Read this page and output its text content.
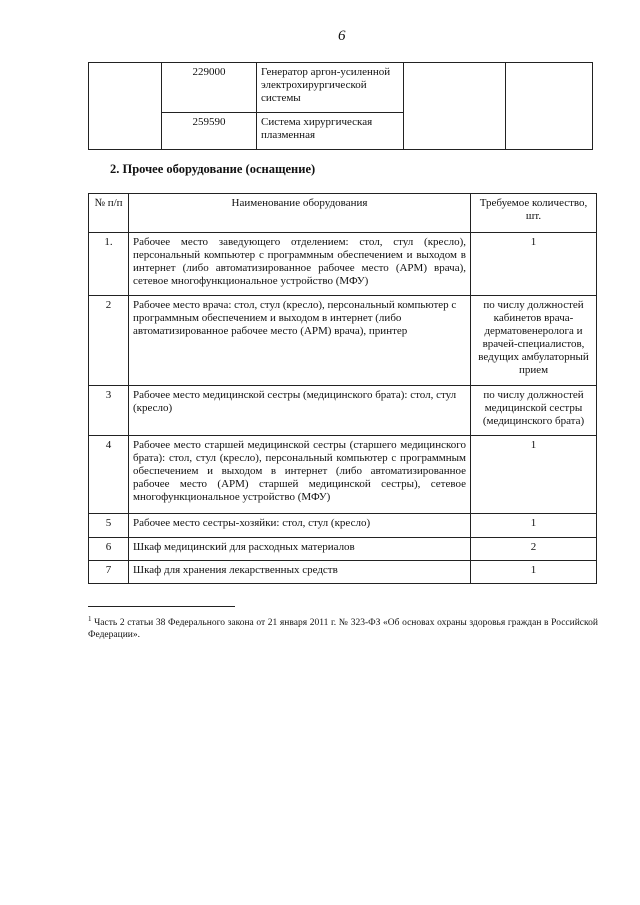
6
	229000	Генератор аргон-усиленной электрохирургической системы		
	259590	Система хирургическая плазменная		
2. Прочее оборудование (оснащение)
№ п/п	Наименование оборудования	Требуемое количество, шт.
1.	Рабочее место заведующего отделением: стол, стул (кресло), персональный компьютер с программным обеспечением и выходом в интернет (либо автоматизированное рабочее место (АРМ) врача), сетевое многофункциональное устройство (МФУ)	1
2	Рабочее место врача: стол, стул (кресло), персональный компьютер с программным обеспечением и выходом в интернет (либо автоматизированное рабочее место (АРМ) врача), принтер	по числу должностей кабинетов врача-дерматовенеролога и врачей-специалистов, ведущих амбулаторный прием
3	Рабочее место медицинской сестры (медицинского брата): стол, стул (кресло)	по числу должностей медицинской сестры (медицинского брата)
4	Рабочее место старшей медицинской сестры (старшего медицинского брата): стол, стул (кресло), персональный компьютер с программным обеспечением и выходом в интернет (либо автоматизированное рабочее место (АРМ) старшей медицинской сестры), сетевое многофункциональное устройство (МФУ)	1
5	Рабочее место сестры-хозяйки: стол, стул (кресло)	1
6	Шкаф медицинский для расходных материалов	2
7	Шкаф для хранения лекарственных средств	1
$^1$ Часть 2 статьи 38 Федерального закона от 21 января 2011 г. № 323-ФЗ «Об основах охраны здоровья граждан в Российской Федерации».
